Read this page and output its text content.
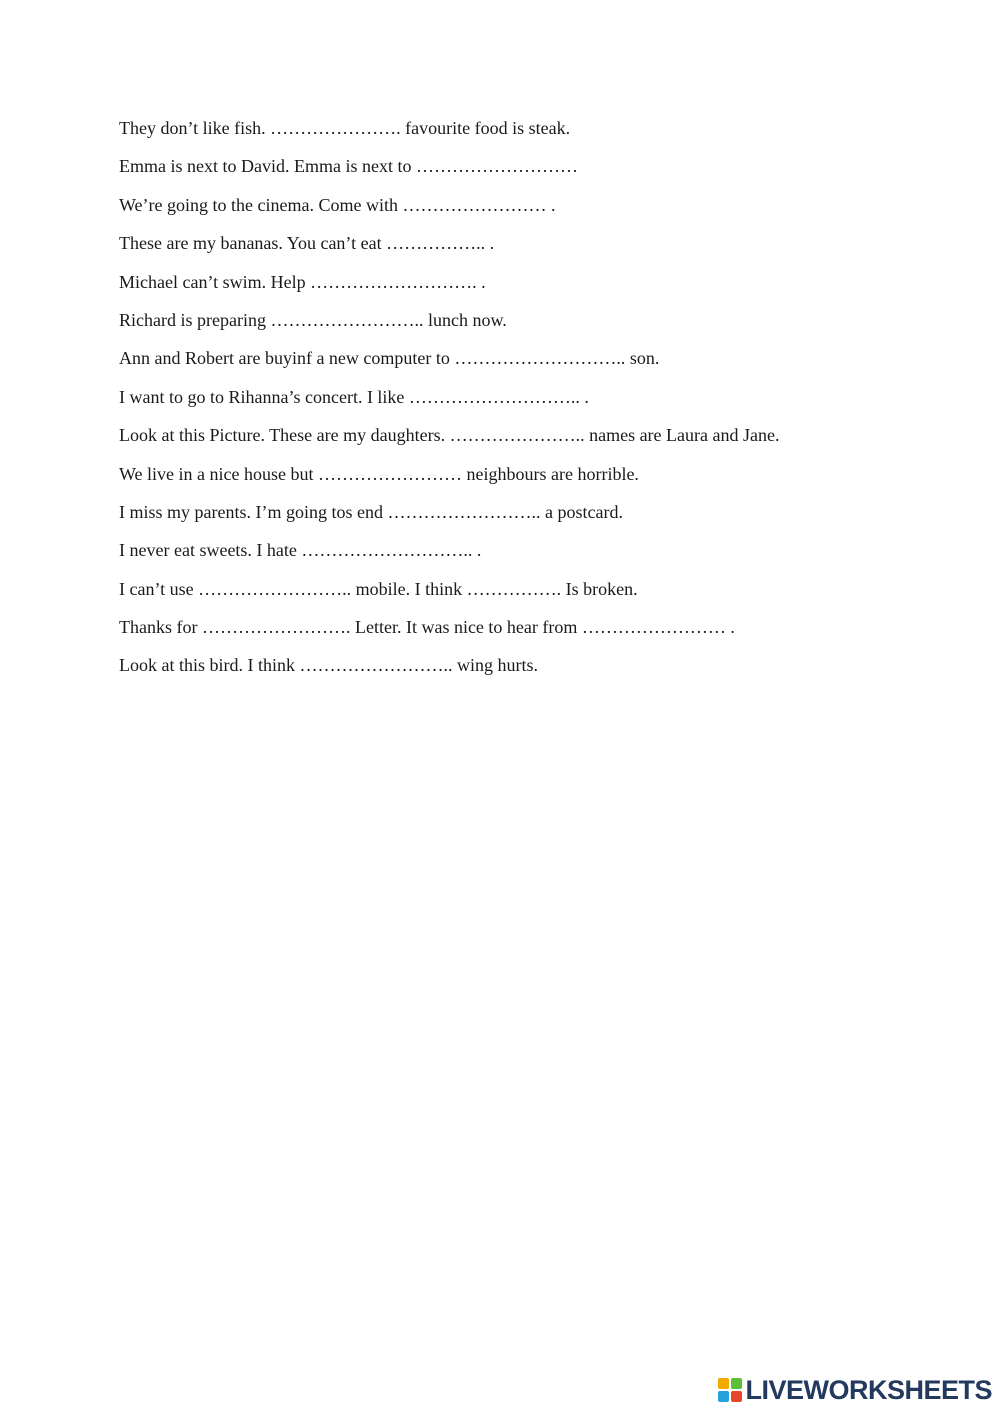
They don’t like fish. …………………. favourite food is steak.

Emma is next to David. Emma is next to ………………………

We’re going to the cinema. Come with …………………… .

These are my bananas. You can’t eat …………….. .

Michael can’t swim. Help ………………………. .

Richard is preparing …………………….. lunch now.

Ann and Robert are buyinf a new computer to ……………………….. son.

I want to go to Rihanna’s concert. I like ……………………….. .

Look at this Picture. These are my daughters. ………………….. names are Laura and Jane.

We live in a nice house but …………………… neighbours are horrible.

I miss my parents. I’m going tos end …………………….. a postcard.

I never eat sweets. I hate ……………………….. .

I can’t use …………………….. mobile. I think ……………. Is broken.

Thanks for ……………………. Letter. It was nice to hear from …………………… .

Look at this bird. I think …………………….. wing hurts.

LIVEWORKSHEETS
